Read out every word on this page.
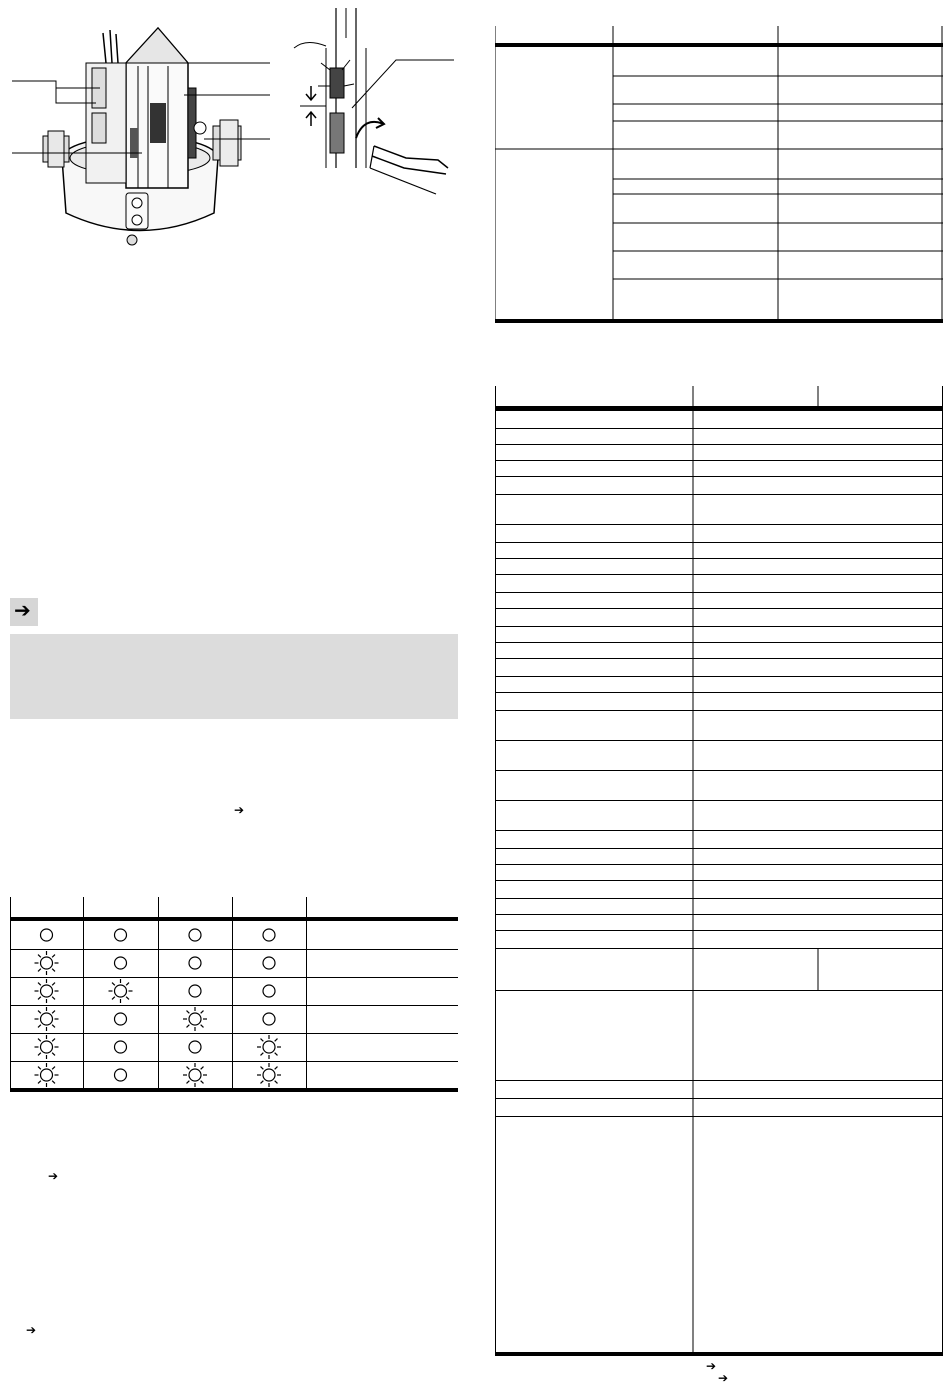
➔
➔
➔
➔
➔
➔
